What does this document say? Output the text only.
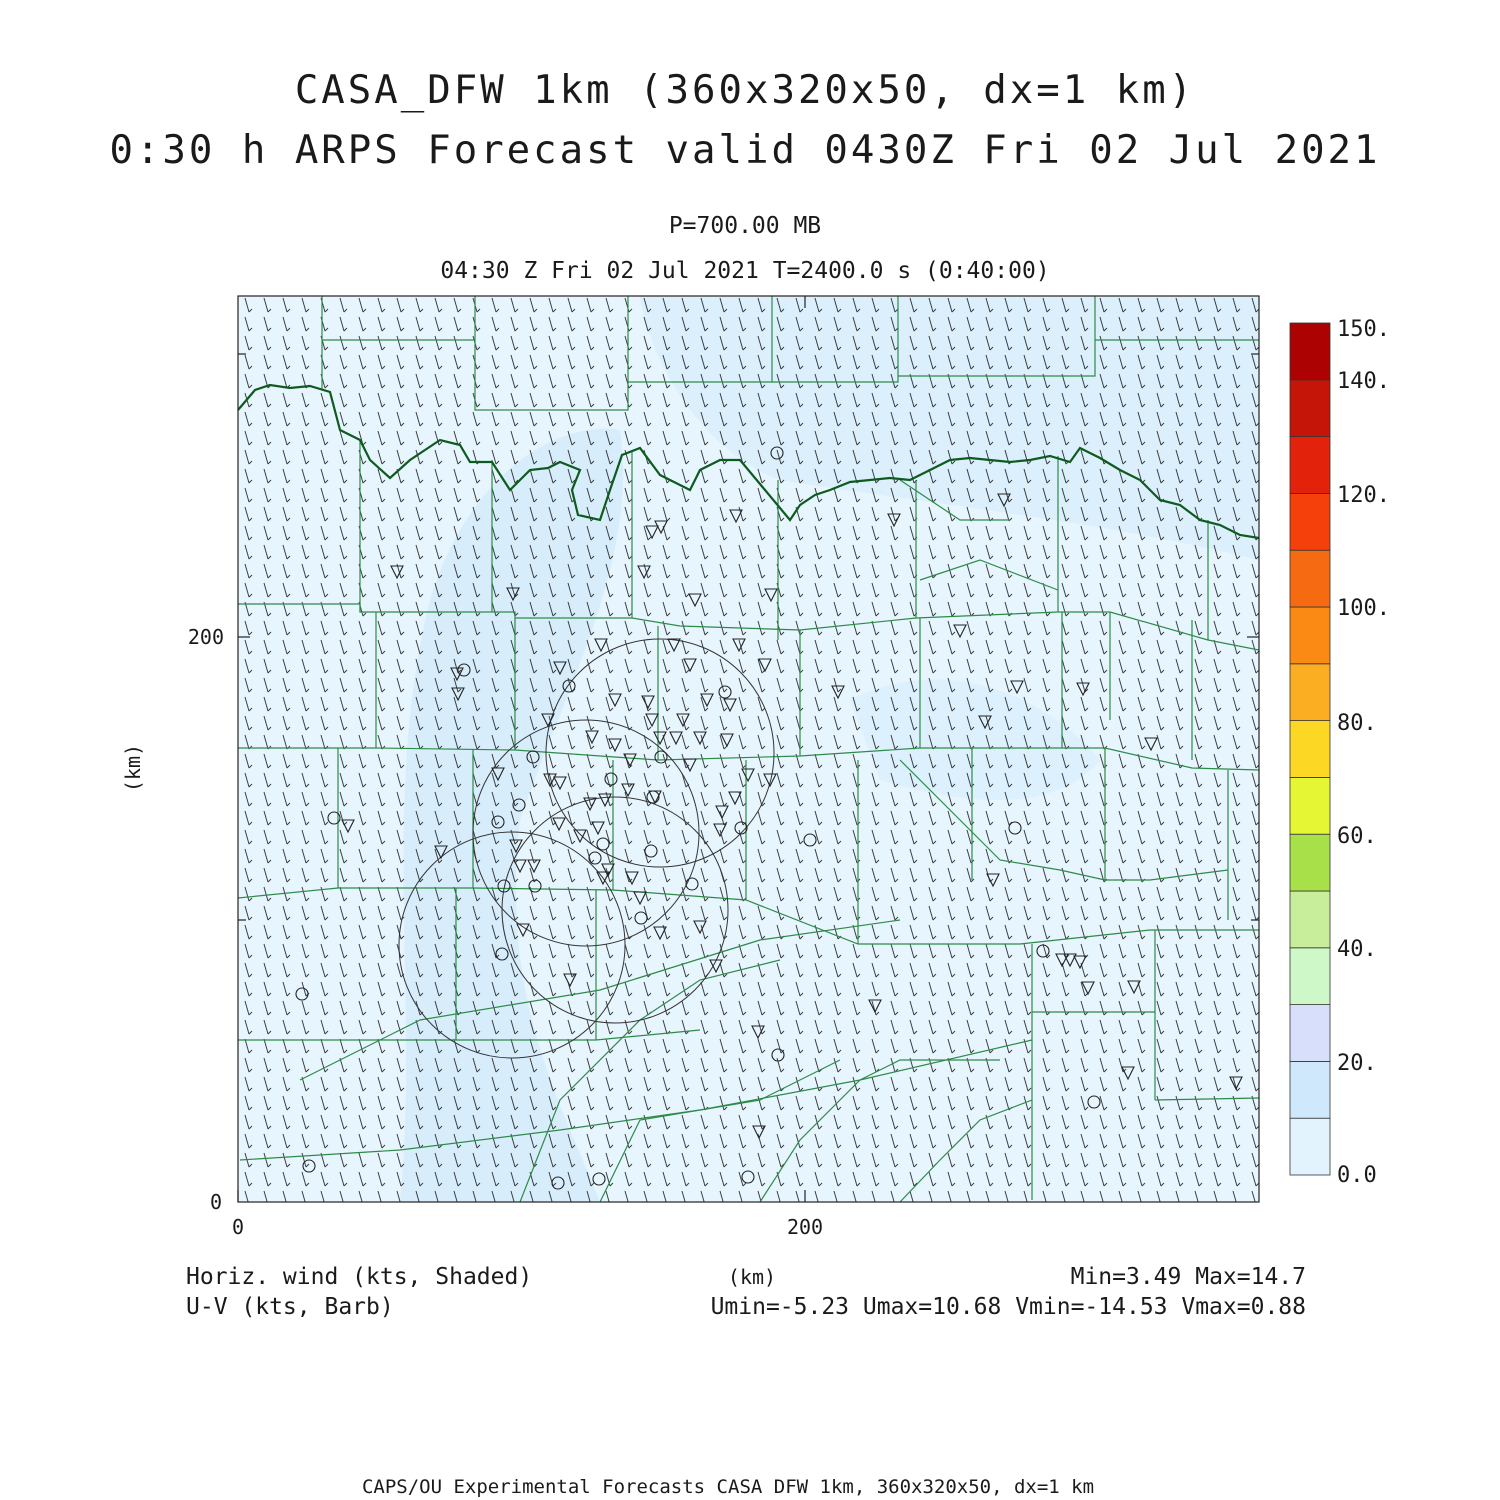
CASA_DFW 1km (360x320x50, dx=1 km)
0:30 h ARPS Forecast valid 0430Z Fri 02 Jul 2021
P=700.00 MB
04:30 Z Fri 02 Jul 2021 T=2400.0 s (0:40:00)
0	200
0
200
(km)
(km)
150.
140.
120.
100.
80.
60.
40.
20.
0.0
Horiz. wind (kts, Shaded)
U-V (kts, Barb)
Min=3.49 Max=14.7
Umin=-5.23 Umax=10.68 Vmin=-14.53 Vmax=0.88
CAPS/OU Experimental Forecasts CASA DFW 1km, 360x320x50, dx=1 km
